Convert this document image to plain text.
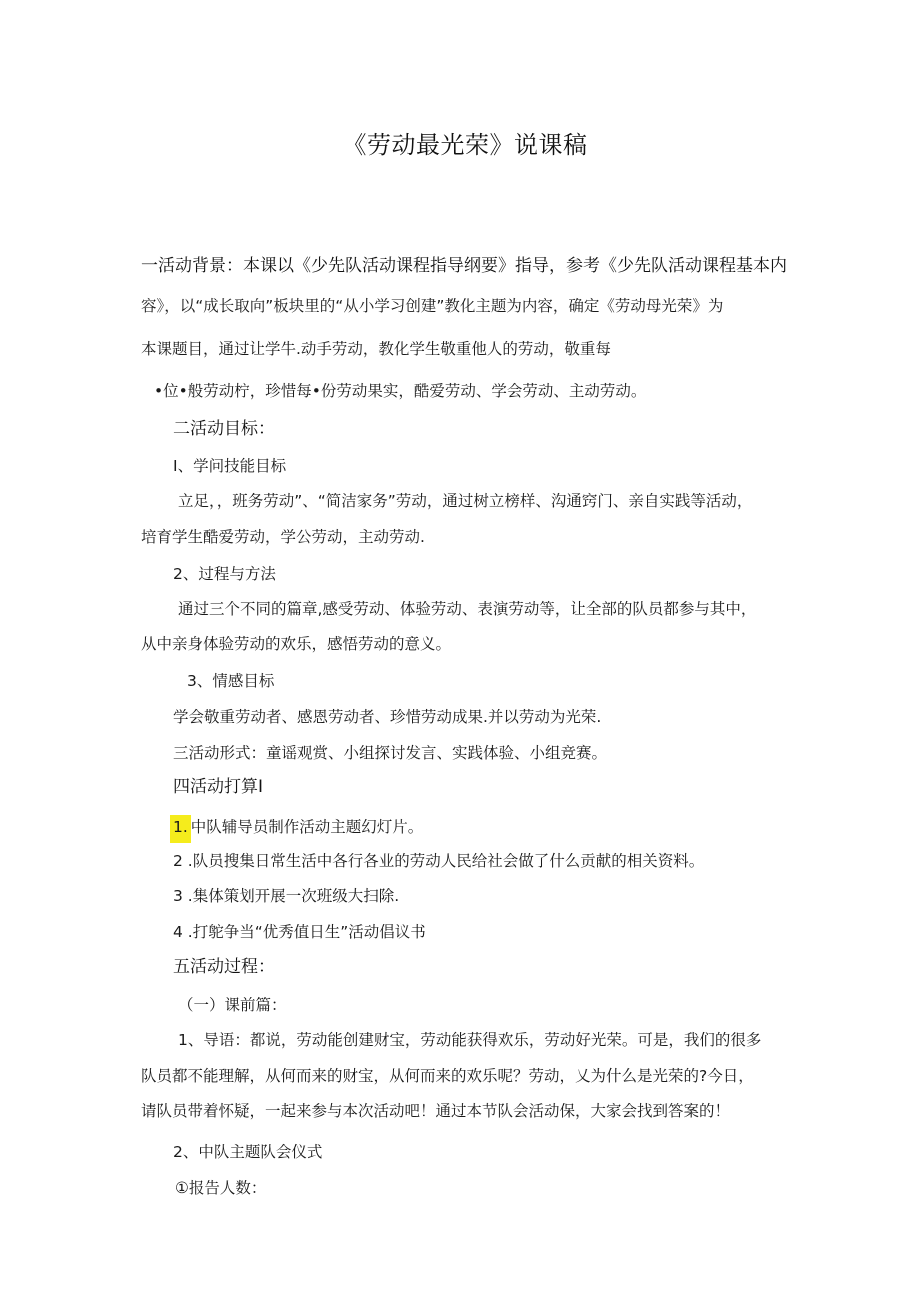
《劳动最光荣》说课稿
一活动背景：本课以《少先队活动课程指导纲要》指导，参考《少先队活动课程基本内
容》，以“成长取向”板块里的“从小学习创建”教化主题为内容，确定《劳动母光荣》为
本课题目，通过让学牛.动手劳动，教化学生敬重他人的劳动，敬重每
•位•般劳动柠，珍惜每•份劳动果实，酷爱劳动、学会劳动、主动劳动。
二活动目标：
I、学问技能目标
立足，，班务劳动”、“简洁家务”劳动，通过树立榜样、沟通窍门、亲自实践等活动，
培育学生酷爱劳动，学公劳动，主动劳动.
2、过程与方法
通过三个不同的篇章,感受劳动、体验劳动、表演劳动等，让全部的队员都参与其中，
从中亲身体验劳动的欢乐，感悟劳动的意义。
3、情感目标
学会敬重劳动者、感恩劳动者、珍惜劳动成果.并以劳动为光荣.
三活动形式：童谣观赏、小组探讨发言、实践体验、小组竞赛。
四活动打算I
1. 中队辅导员制作活动主题幻灯片。
2 .队员搜集日常生活中各行各业的劳动人民给社会做了什么贡献的相关资料。
3 .集体策划开展一次班级大扫除.
4 .打鸵争当“优秀值日生”活动倡议书
五活动过程：
（一）课前篇：
1、导语：都说，劳动能创建财宝，劳动能获得欢乐，劳动好光荣。可是，我们的很多
队员都不能理解，从何而来的财宝，从何而来的欢乐呢？劳动，乂为什么是光荣的?今日，
请队员带着怀疑，一起来参与本次活动吧！通过本节队会活动保，大家会找到答案的！
2、中队主题队会仪式
①报告人数：
